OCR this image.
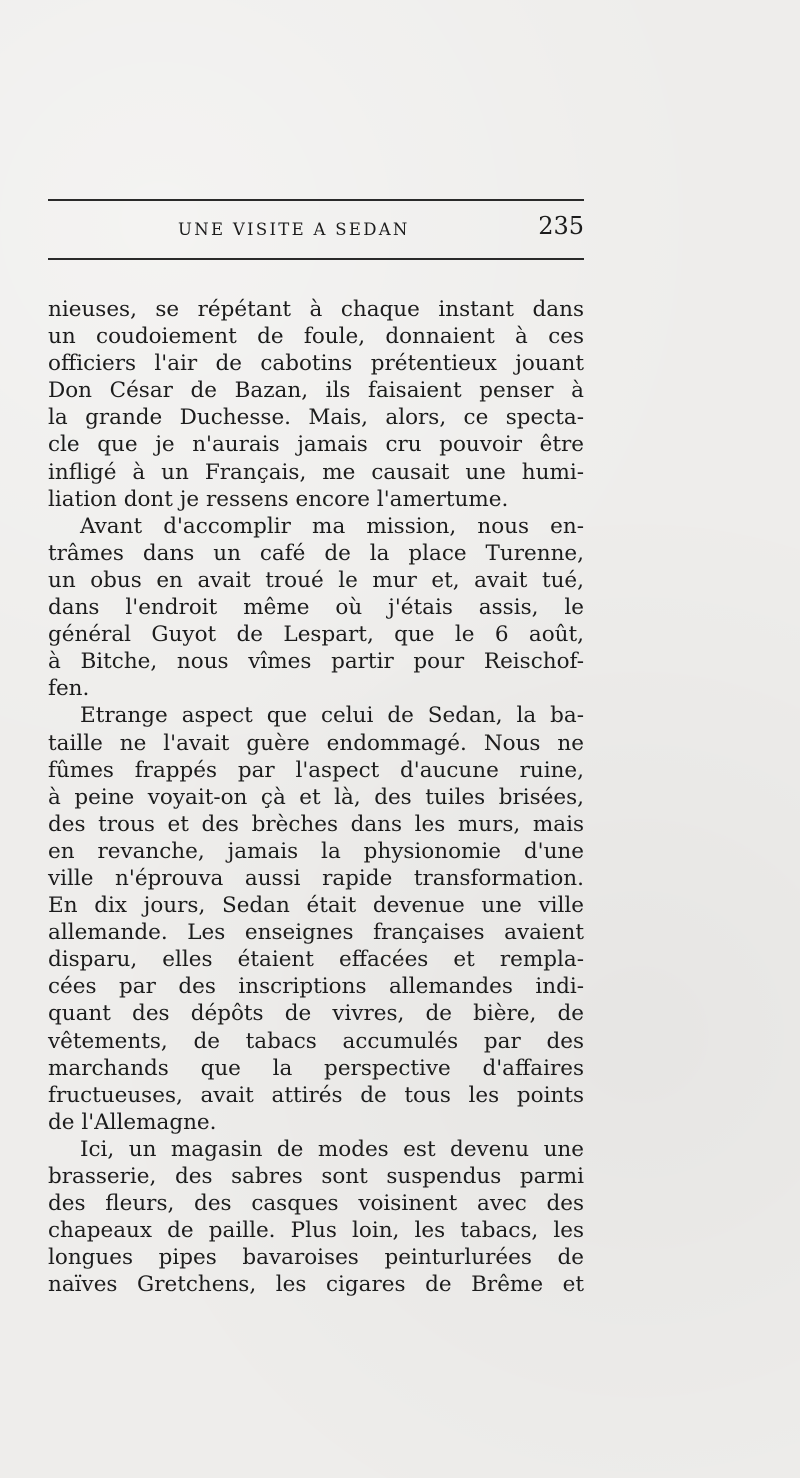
UNE VISITE A SEDAN	235
nieuses, se répétant à chaque instant dans
un coudoiement de foule, donnaient à ces
officiers l'air de cabotins prétentieux jouant
Don César de Bazan, ils faisaient penser à
la grande Duchesse. Mais, alors, ce specta-
cle que je n'aurais jamais cru pouvoir être
infligé à un Français, me causait une humi-
liation dont je ressens encore l'amertume.
Avant d'accomplir ma mission, nous en-
trâmes dans un café de la place Turenne,
un obus en avait troué le mur et, avait tué,
dans l'endroit même où j'étais assis, le
général Guyot de Lespart, que le 6 août,
à Bitche, nous vîmes partir pour Reischof-
fen.
Etrange aspect que celui de Sedan, la ba-
taille ne l'avait guère endommagé. Nous ne
fûmes frappés par l'aspect d'aucune ruine,
à peine voyait-on çà et là, des tuiles brisées,
des trous et des brèches dans les murs, mais
en revanche, jamais la physionomie d'une
ville n'éprouva aussi rapide transformation.
En dix jours, Sedan était devenue une ville
allemande. Les enseignes françaises avaient
disparu, elles étaient effacées et rempla-
cées par des inscriptions allemandes indi-
quant des dépôts de vivres, de bière, de
vêtements, de tabacs accumulés par des
marchands que la perspective d'affaires
fructueuses, avait attirés de tous les points
de l'Allemagne.
Ici, un magasin de modes est devenu une
brasserie, des sabres sont suspendus parmi
des fleurs, des casques voisinent avec des
chapeaux de paille. Plus loin, les tabacs, les
longues pipes bavaroises peinturlurées de
naïves Gretchens, les cigares de Brême et
